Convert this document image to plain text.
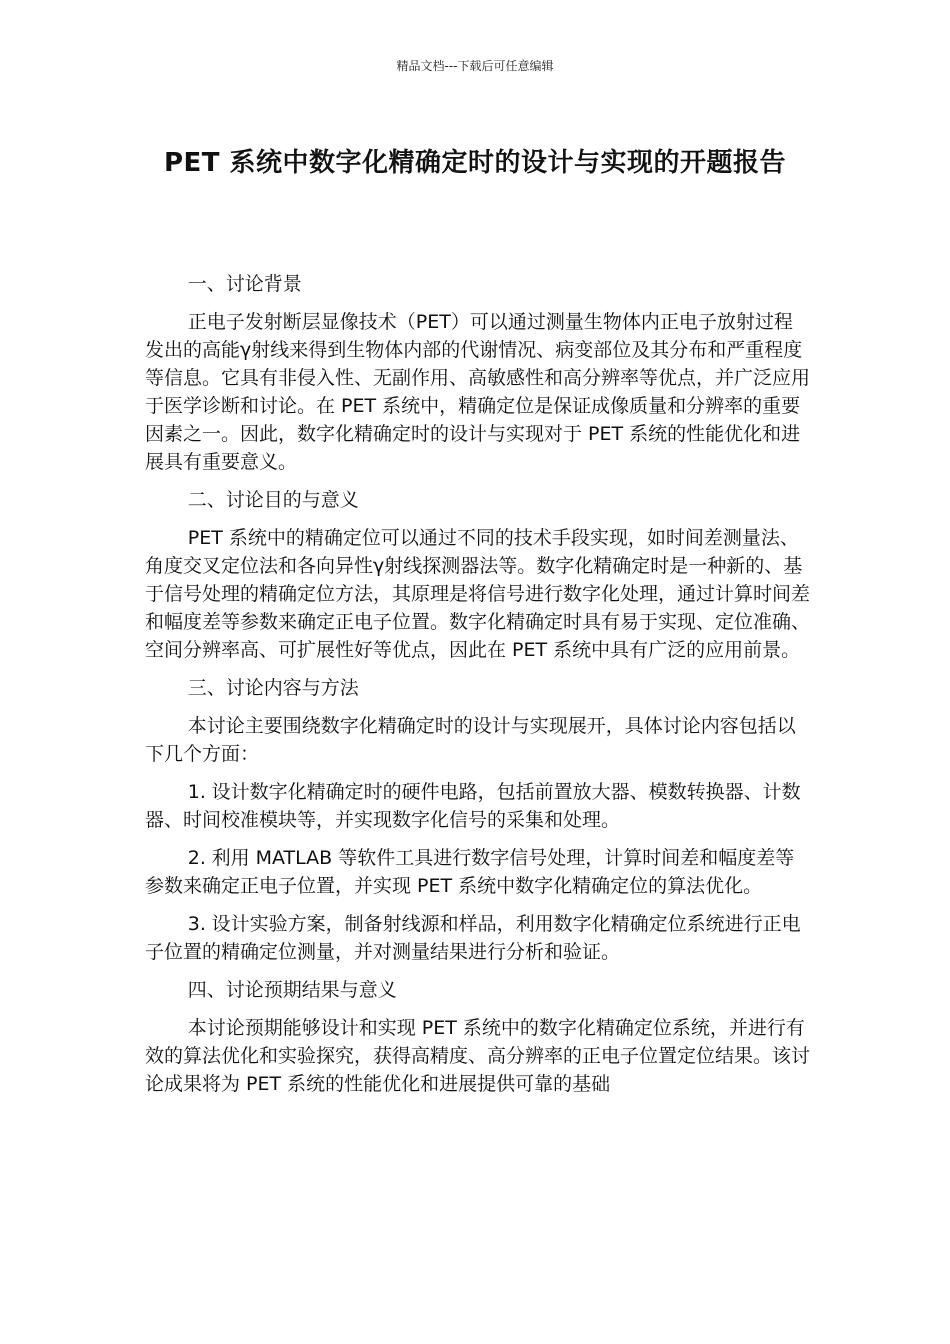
精品文档---下载后可任意编辑
PET 系统中数字化精确定时的设计与实现的开题报告

一、讨论背景

正电子发射断层显像技术（PET）可以通过测量生物体内正电子放射过程发出的高能γ射线来得到生物体内部的代谢情况、病变部位及其分布和严重程度等信息。它具有非侵入性、无副作用、高敏感性和高分辨率等优点，并广泛应用于医学诊断和讨论。在 PET 系统中，精确定位是保证成像质量和分辨率的重要因素之一。因此，数字化精确定时的设计与实现对于 PET 系统的性能优化和进展具有重要意义。

二、讨论目的与意义

PET 系统中的精确定位可以通过不同的技术手段实现，如时间差测量法、角度交叉定位法和各向异性γ射线探测器法等。数字化精确定时是一种新的、基于信号处理的精确定位方法，其原理是将信号进行数字化处理，通过计算时间差和幅度差等参数来确定正电子位置。数字化精确定时具有易于实现、定位准确、空间分辨率高、可扩展性好等优点，因此在 PET 系统中具有广泛的应用前景。

三、讨论内容与方法

本讨论主要围绕数字化精确定时的设计与实现展开，具体讨论内容包括以下几个方面：

1. 设计数字化精确定时的硬件电路，包括前置放大器、模数转换器、计数器、时间校准模块等，并实现数字化信号的采集和处理。

2. 利用 MATLAB 等软件工具进行数字信号处理，计算时间差和幅度差等参数来确定正电子位置，并实现 PET 系统中数字化精确定位的算法优化。

3. 设计实验方案，制备射线源和样品，利用数字化精确定位系统进行正电子位置的精确定位测量，并对测量结果进行分析和验证。

四、讨论预期结果与意义

本讨论预期能够设计和实现 PET 系统中的数字化精确定位系统，并进行有效的算法优化和实验探究，获得高精度、高分辨率的正电子位置定位结果。该讨论成果将为 PET 系统的性能优化和进展提供可靠的基础
